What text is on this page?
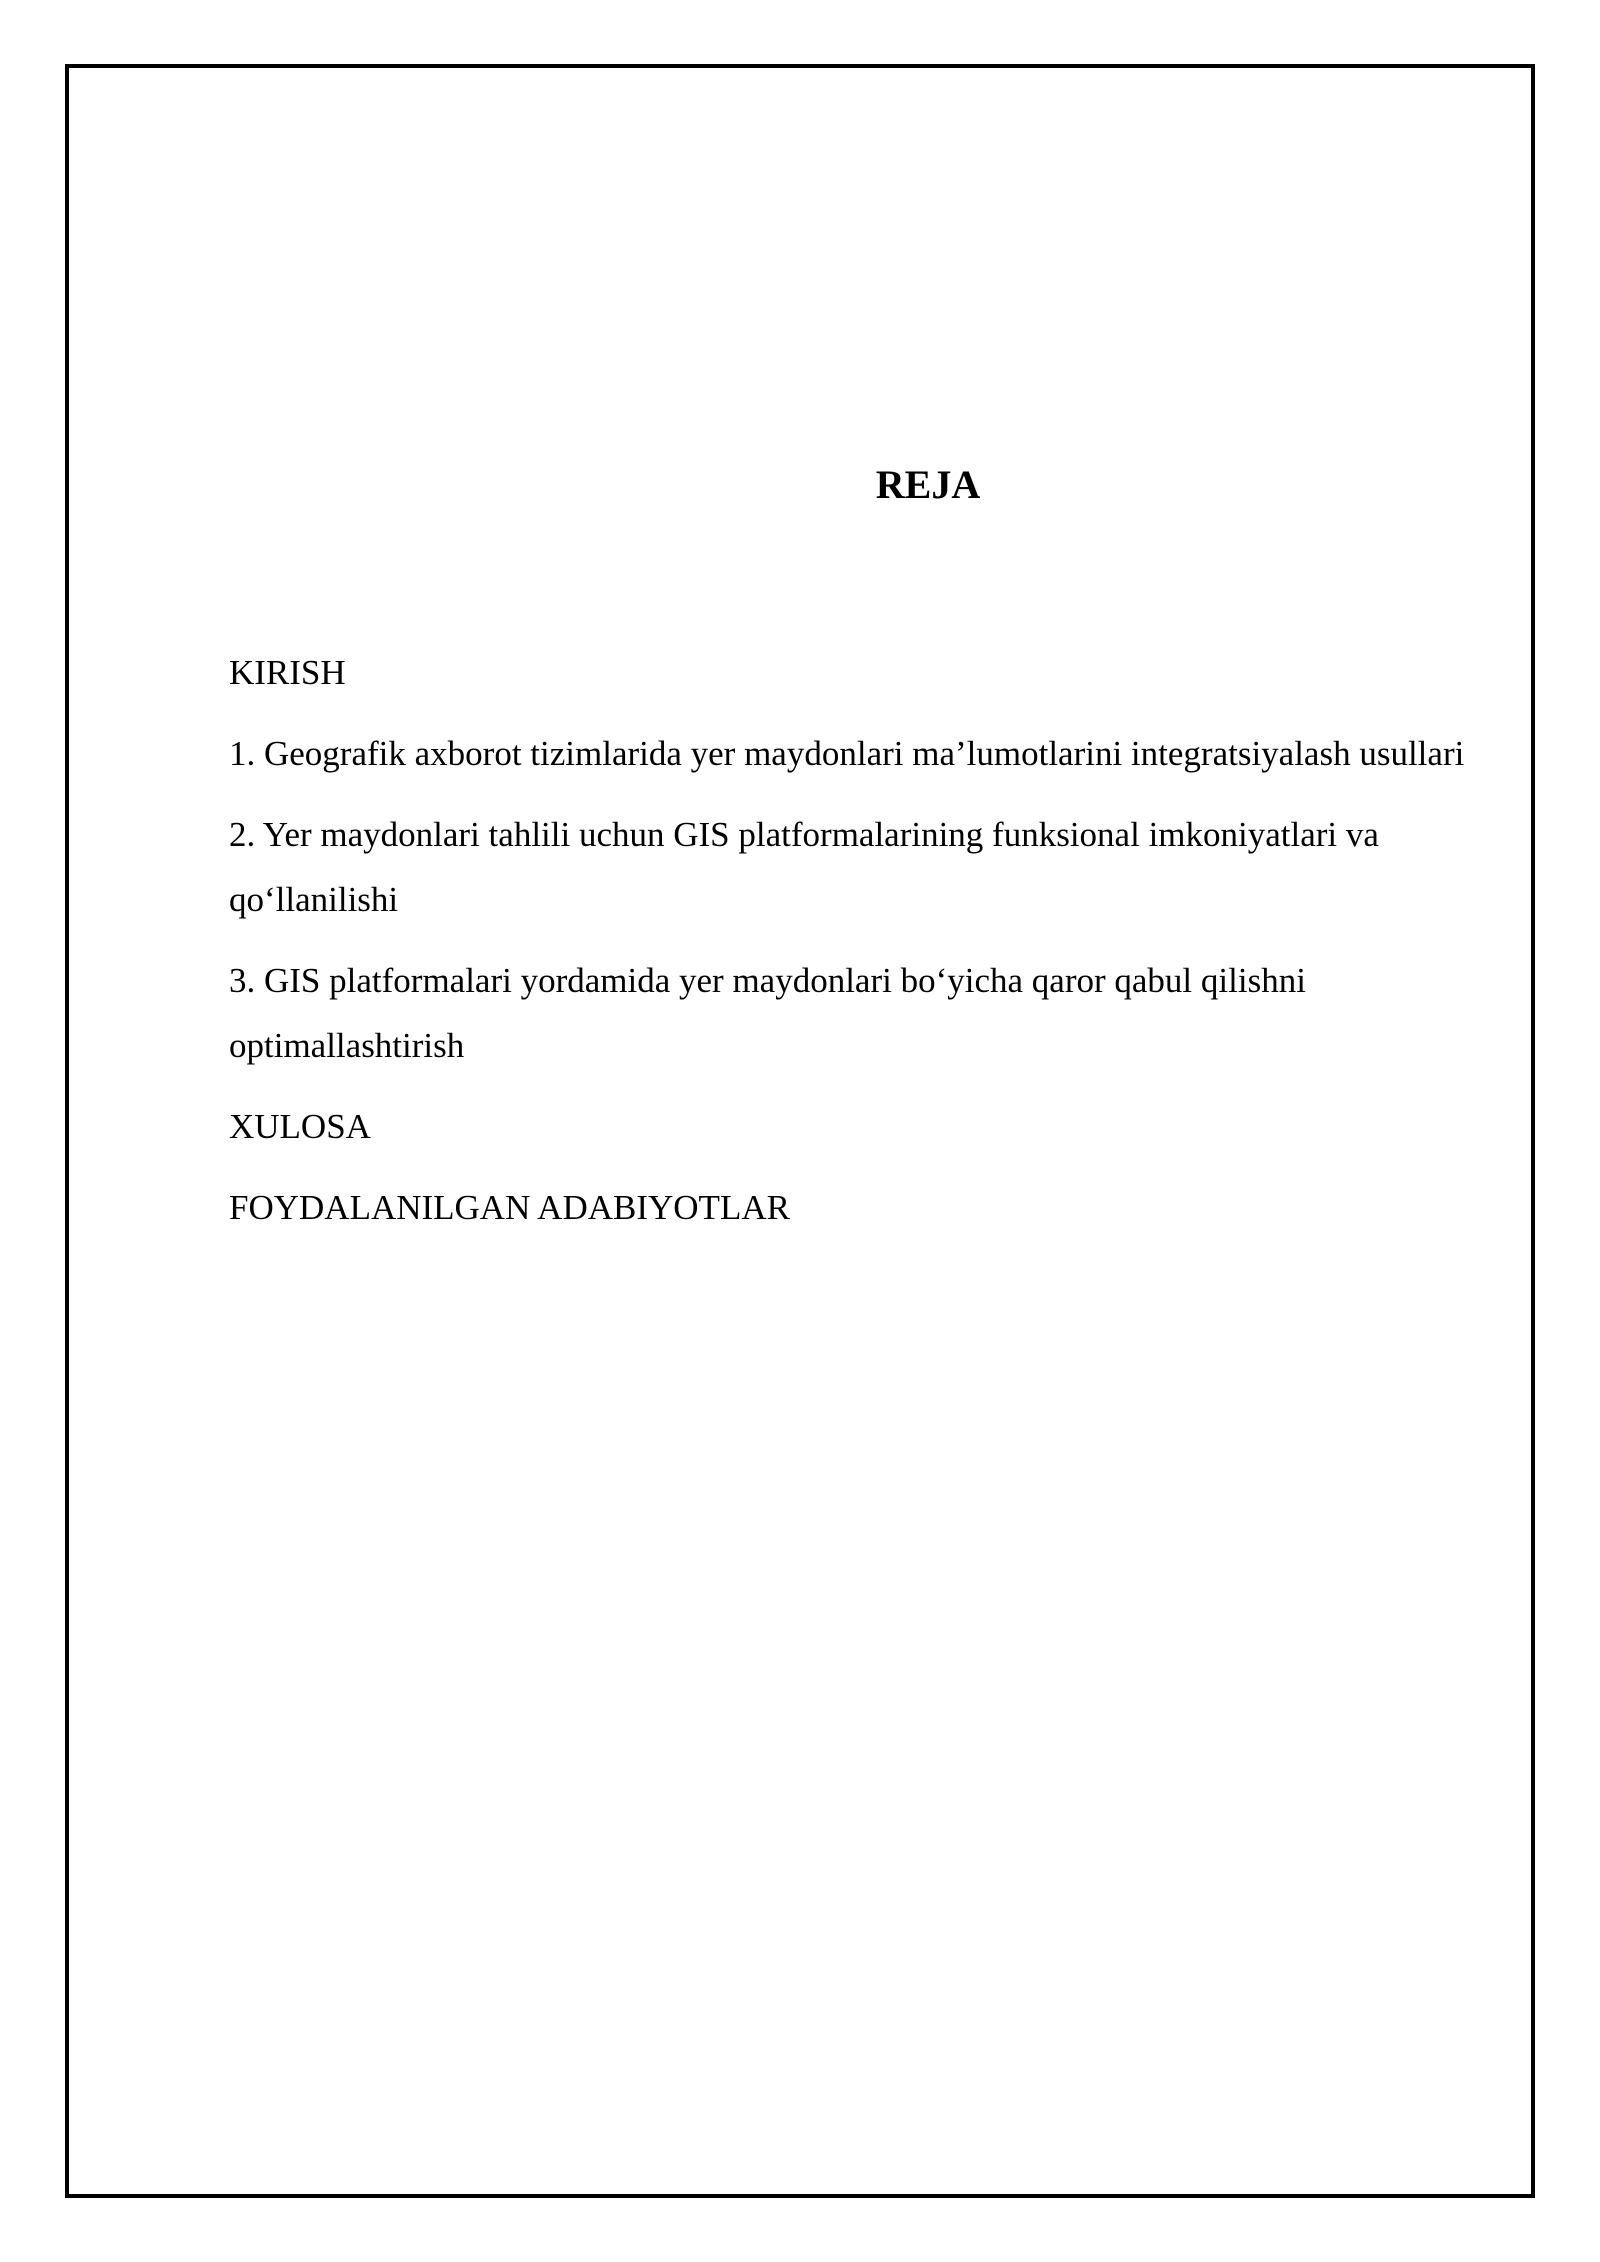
REJA
KIRISH
1. Geografik axborot tizimlarida yer maydonlari ma’lumotlarini integratsiyalash usullari
2. Yer maydonlari tahlili uchun GIS platformalarining funksional imkoniyatlari va qo‘llanilishi
3. GIS platformalari yordamida yer maydonlari bo‘yicha qaror qabul qilishni optimallashtirish
XULOSA
FOYDALANILGAN ADABIYOTLAR
